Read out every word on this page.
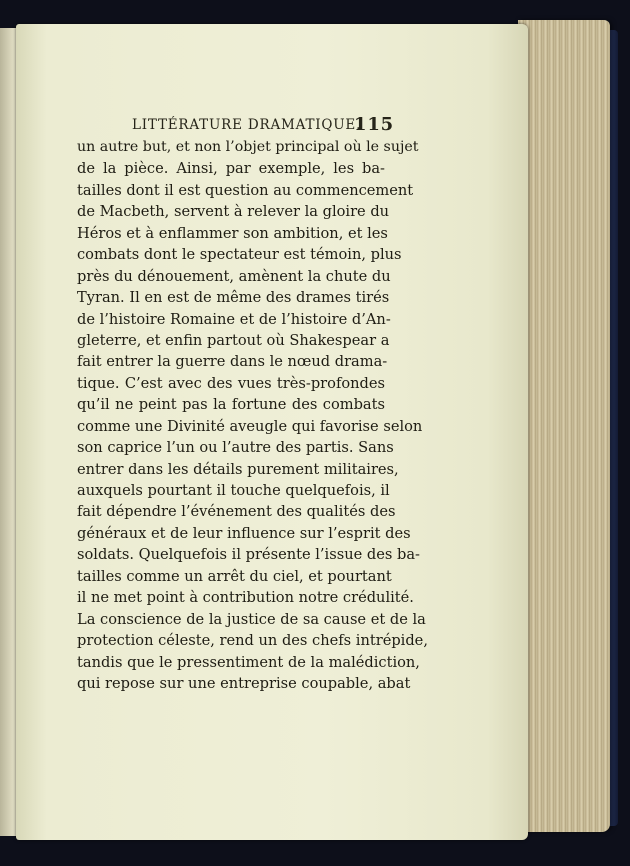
LITTÉRATURE DRAMATIQUE.
115
un autre but, et non l’objet principal où le sujet
de la pièce. Ainsi, par exemple, les ba-
tailles dont il est question au commencement
de Macbeth, servent à relever la gloire du
Héros et à enflammer son ambition, et les
combats dont le spectateur est témoin, plus
près du dénouement, amènent la chute du
Tyran. Il en est de même des drames tirés
de l’histoire Romaine et de l’histoire d’An-
gleterre, et enfin partout où Shakespear a
fait entrer la guerre dans le nœud drama-
tique. C’est avec des vues très-profondes
qu’il ne peint pas la fortune des combats
comme une Divinité aveugle qui favorise selon
son caprice l’un ou l’autre des partis. Sans
entrer dans les détails purement militaires,
auxquels pourtant il touche quelquefois, il
fait dépendre l’événement des qualités des
généraux et de leur influence sur l’esprit des
soldats. Quelquefois il présente l’issue des ba-
tailles comme un arrêt du ciel, et pourtant
il ne met point à contribution notre crédulité.
La conscience de la justice de sa cause et de la
protection céleste, rend un des chefs intrépide,
tandis que le pressentiment de la malédiction,
qui repose sur une entreprise coupable, abat
